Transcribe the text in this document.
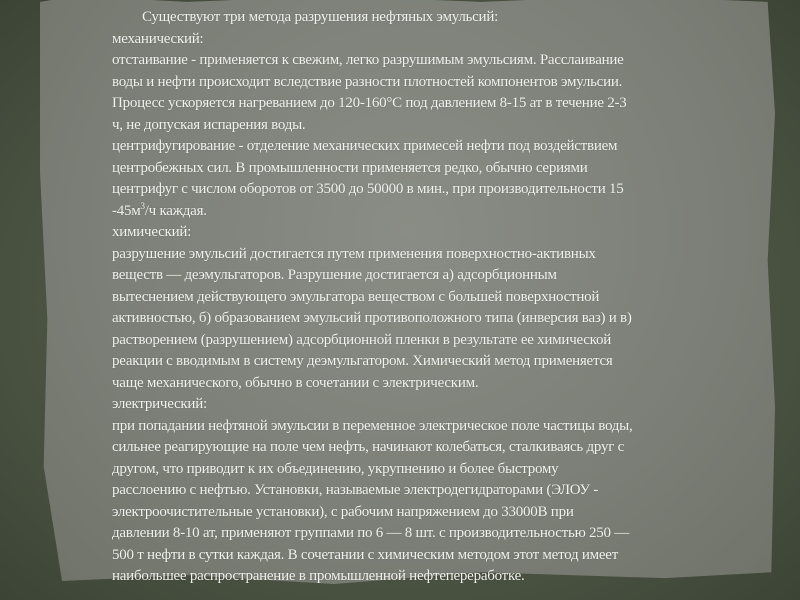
Существуют три метода разрушения нефтяных эмульсий:
механический:
отстаивание - применяется к свежим, легко разрушимым эмульсиям. Расслаивание
воды и нефти происходит вследствие разности плотностей компонентов эмульсии.
Процесс ускоряется нагреванием до 120-160°С под давлением 8-15 ат в течение 2-3
ч, не допуская испарения воды.
центрифугирование - отделение механических примесей нефти под воздействием
центробежных сил. В промышленности применяется редко, обычно сериями
центрифуг с числом оборотов от 3500 до 50000 в мин., при производительности 15
$-45м^3/ч$ каждая.
химический:
разрушение эмульсий достигается путем применения поверхностно-активных
веществ — деэмульгаторов. Разрушение достигается а) адсорбционным
вытеснением действующего эмульгатора веществом с большей поверхностной
активностью, б) образованием эмульсий противоположного типа (инверсия ваз) и в)
растворением (разрушением) адсорбционной пленки в результате ее химической
реакции с вводимым в систему деэмульгатором. Химический метод применяется
чаще механического, обычно в сочетании с электрическим.
электрический:
при попадании нефтяной эмульсии в переменное электрическое поле частицы воды,
сильнее реагирующие на поле чем нефть, начинают колебаться, сталкиваясь друг с
другом, что приводит к их объединению, укрупнению и более быстрому
расслоению с нефтью. Установки, называемые электродегидраторами (ЭЛОУ -
электроочистительные установки), с рабочим напряжением до 33000В при
давлении 8-10 ат, применяют группами по 6 — 8 шт. с производительностью 250 —
500 т нефти в сутки каждая. В сочетании с химическим методом этот метод имеет
наибольшее распространение в промышленной нефтепереработке.
